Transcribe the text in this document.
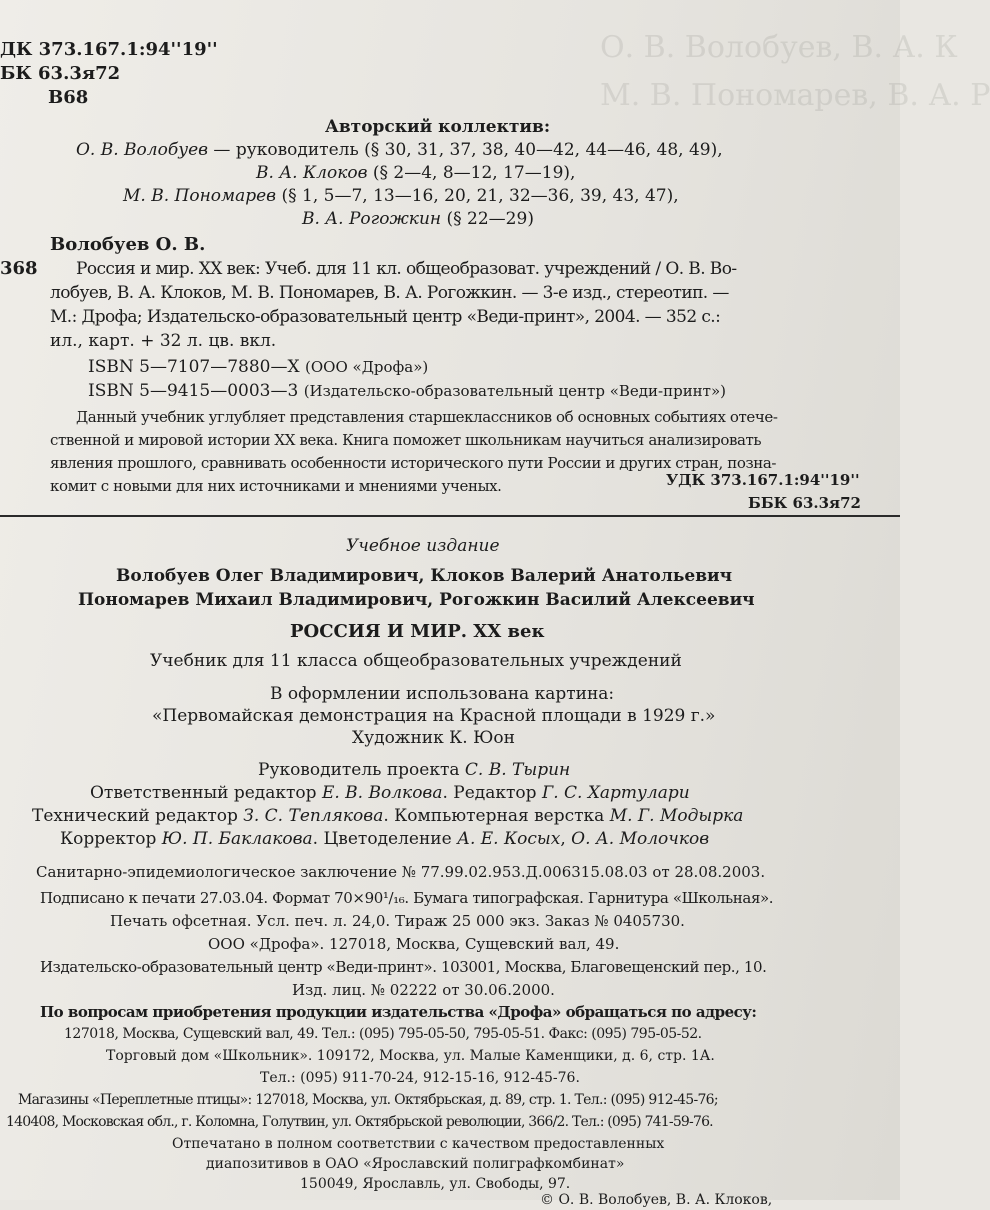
О. В. Волобуев, В. А. К
М. В. Пономарев, В. А. Р
ДК 373.167.1:94''19''
БК 63.3я72
В68
Авторский коллектив:
О. В. Волобуев — руководитель (§ 30, 31, 37, 38, 40—42, 44—46, 48, 49),
В. А. Клоков (§ 2—4, 8—12, 17—19),
М. В. Пономарев (§ 1, 5—7, 13—16, 20, 21, 32—36, 39, 43, 47),
В. А. Рогожкин (§ 22—29)
Волобуев О. В.
368 Россия и мир. XX век: Учеб. для 11 кл. общеобразоват. учреждений / О. В. Во-
лобуев, В. А. Клоков, М. В. Пономарев, В. А. Рогожкин. — 3-е изд., стереотип. —
М.: Дрофа; Издательско-образовательный центр «Веди-принт», 2004. — 352 с.:
ил., карт. + 32 л. цв. вкл.
ISBN 5—7107—7880—X (ООО «Дрофа»)
ISBN 5—9415—0003—3 (Издательско-образовательный центр «Веди-принт»)
Данный учебник углубляет представления старшеклассников об основных событиях отече-
ственной и мировой истории XX века. Книга поможет школьникам научиться анализировать
явления прошлого, сравнивать особенности исторического пути России и других стран, позна-
комит с новыми для них источниками и мнениями ученых.	УДК 373.167.1:94''19''
ББК 63.3я72
Учебное издание
Волобуев Олег Владимирович, Клоков Валерий Анатольевич
Пономарев Михаил Владимирович, Рогожкин Василий Алексеевич
РОССИЯ И МИР. XX век
Учебник для 11 класса общеобразовательных учреждений
В оформлении использована картина:
«Первомайская демонстрация на Красной площади в 1929 г.»
Художник К. Юон
Руководитель проекта С. В. Тырин
Ответственный редактор Е. В. Волкова. Редактор Г. С. Хартулари
Технический редактор З. С. Теплякова. Компьютерная верстка М. Г. Модырка
Корректор Ю. П. Баклакова. Цветоделение А. Е. Косых, О. А. Молочков
Санитарно-эпидемиологическое заключение № 77.99.02.953.Д.006315.08.03 от 28.08.2003.
Подписано к печати 27.03.04. Формат 70×90¹/₁₆. Бумага типографская. Гарнитура «Школьная».
Печать офсетная. Усл. печ. л. 24,0. Тираж 25 000 экз. Заказ № 0405730.
ООО «Дрофа». 127018, Москва, Сущевский вал, 49.
Издательско-образовательный центр «Веди-принт». 103001, Москва, Благовещенский пер., 10.
Изд. лиц. № 02222 от 30.06.2000.
По вопросам приобретения продукции издательства «Дрофа» обращаться по адресу:
127018, Москва, Сущевский вал, 49. Тел.: (095) 795-05-50, 795-05-51. Факс: (095) 795-05-52.
Торговый дом «Школьник». 109172, Москва, ул. Малые Каменщики, д. 6, стр. 1А.
Тел.: (095) 911-70-24, 912-15-16, 912-45-76.
Магазины «Переплетные птицы»: 127018, Москва, ул. Октябрьская, д. 89, стр. 1. Тел.: (095) 912-45-76;
140408, Московская обл., г. Коломна, Голутвин, ул. Октябрьской революции, 366/2. Тел.: (095) 741-59-76.
Отпечатано в полном соответствии с качеством предоставленных
диапозитивов в ОАО «Ярославский полиграфкомбинат»
150049, Ярославль, ул. Свободы, 97.
© О. В. Волобуев, В. А. Клоков,
